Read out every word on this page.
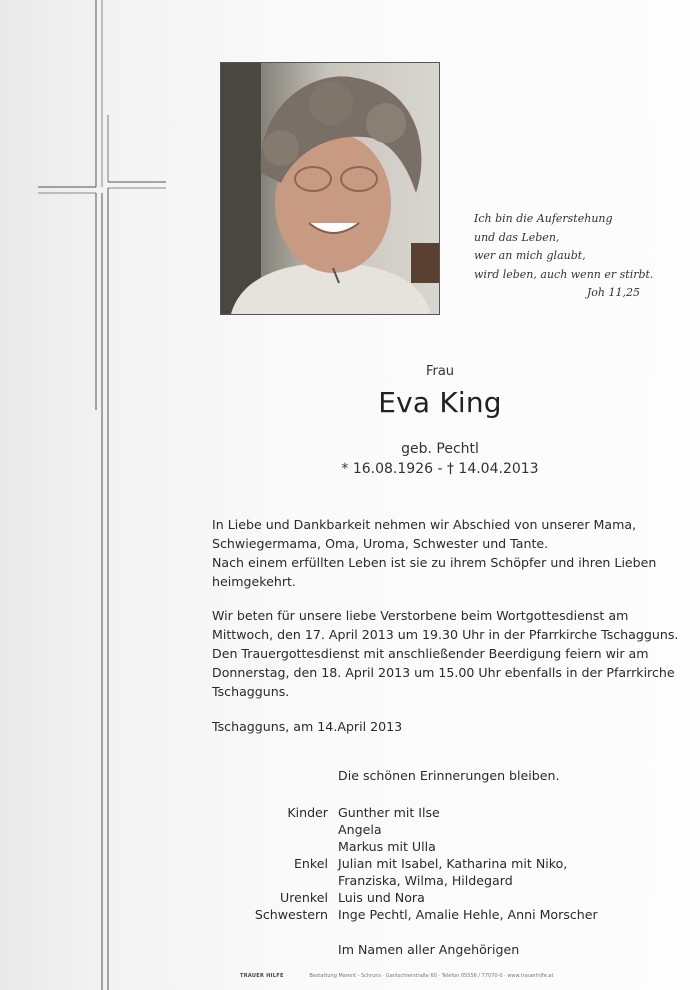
Ich bin die Auferstehung
und das Leben,
wer an mich glaubt,
wird leben, auch wenn er stirbt.
Joh 11,25
Frau
Eva King
geb. Pechtl
* 16.08.1926 - † 14.04.2013
In Liebe und Dankbarkeit nehmen wir Abschied von unserer Mama,
Schwiegermama, Oma, Uroma, Schwester und Tante.
Nach einem erfüllten Leben ist sie zu ihrem Schöpfer und ihren Lieben
heimgekehrt.
Wir beten für unsere liebe Verstorbene beim Wortgottesdienst am
Mittwoch, den 17. April 2013 um 19.30 Uhr in der Pfarrkirche Tschagguns.
Den Trauergottesdienst mit anschließender Beerdigung feiern wir am
Donnerstag, den 18. April 2013 um 15.00 Uhr ebenfalls in der Pfarrkirche
Tschagguns.
Tschagguns, am 14.April 2013
Die schönen Erinnerungen bleiben.
Kinder Gunther mit Ilse
Angela
Markus mit Ulla
Enkel Julian mit Isabel, Katharina mit Niko,
Franziska, Wilma, Hildegard
Urenkel Luis und Nora
Schwestern Inge Pechtl, Amalie Hehle, Anni Morscher
Im Namen aller Angehörigen
TRAUER HILFE	Bestattung Marent - Schruns · Gantschierstraße 60 · Telefon 05556 / 77070-0 · www.trauerhilfe.at
